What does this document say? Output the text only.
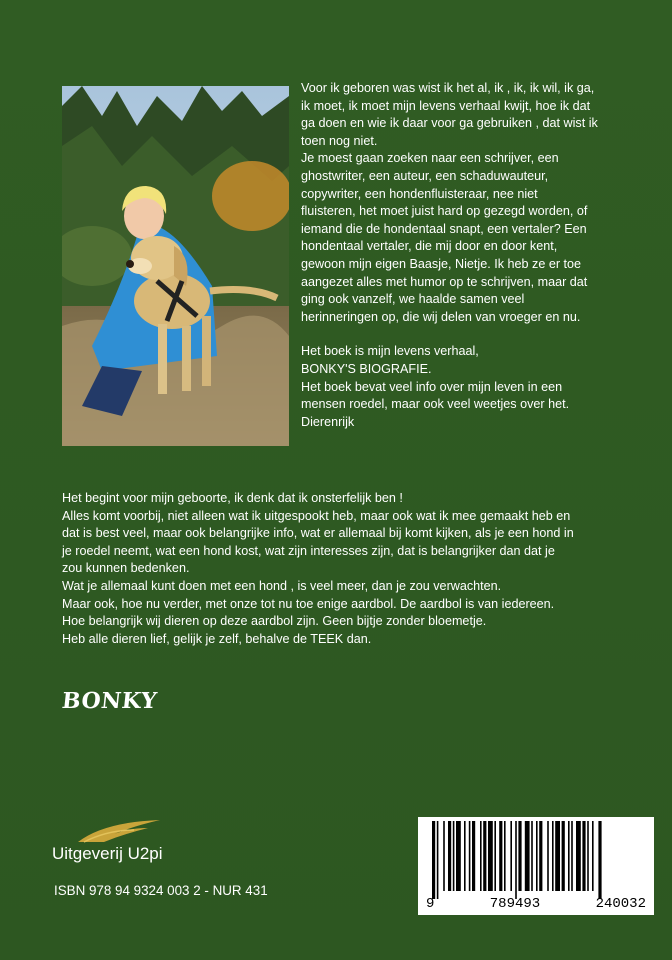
Voor ik geboren was wist ik het al, ik , ik, ik wil, ik ga,
ik moet, ik moet mijn levens verhaal kwijt, hoe ik dat
ga doen en wie ik daar voor ga gebruiken , dat wist ik
toen nog niet.
Je moest gaan zoeken naar een schrijver, een
ghostwriter, een auteur, een schaduwauteur,
copywriter, een hondenfluisteraar, nee niet
fluisteren, het moet juist hard op gezegd worden, of
iemand die de hondentaal snapt, een vertaler? Een
hondentaal vertaler, die mij door en door kent,
gewoon mijn eigen Baasje, Nietje. Ik heb ze er toe
aangezet alles met humor op te schrijven, maar dat
ging ook vanzelf, we haalde samen veel
herinneringen op, die wij delen van vroeger en nu.

Het boek is mijn levens verhaal,
BONKY'S BIOGRAFIE.
Het boek bevat veel info over mijn leven in een
mensen roedel, maar ook veel weetjes over het.
Dierenrijk

Het begint voor mijn geboorte, ik denk dat ik onsterfelijk ben !
Alles komt voorbij, niet alleen wat ik uitgespookt heb, maar ook wat ik mee gemaakt heb en
dat is best veel, maar ook belangrijke info, wat er allemaal bij komt kijken, als je een hond in
je roedel neemt, wat een hond kost, wat zijn interesses zijn, dat is belangrijker dan dat je
zou kunnen bedenken.
Wat je allemaal kunt doen met een hond , is veel meer, dan je zou verwachten.
Maar ook, hoe nu verder, met onze tot nu toe enige aardbol. De aardbol is van iedereen.
Hoe belangrijk wij dieren op deze aardbol zijn. Geen bijtje zonder bloemetje.
Heb alle dieren lief, gelijk je zelf, behalve de TEEK dan.

BONKY
Uitgeverij U2pi
ISBN 978 94 9324 003 2 - NUR 431
9	789493	240032
